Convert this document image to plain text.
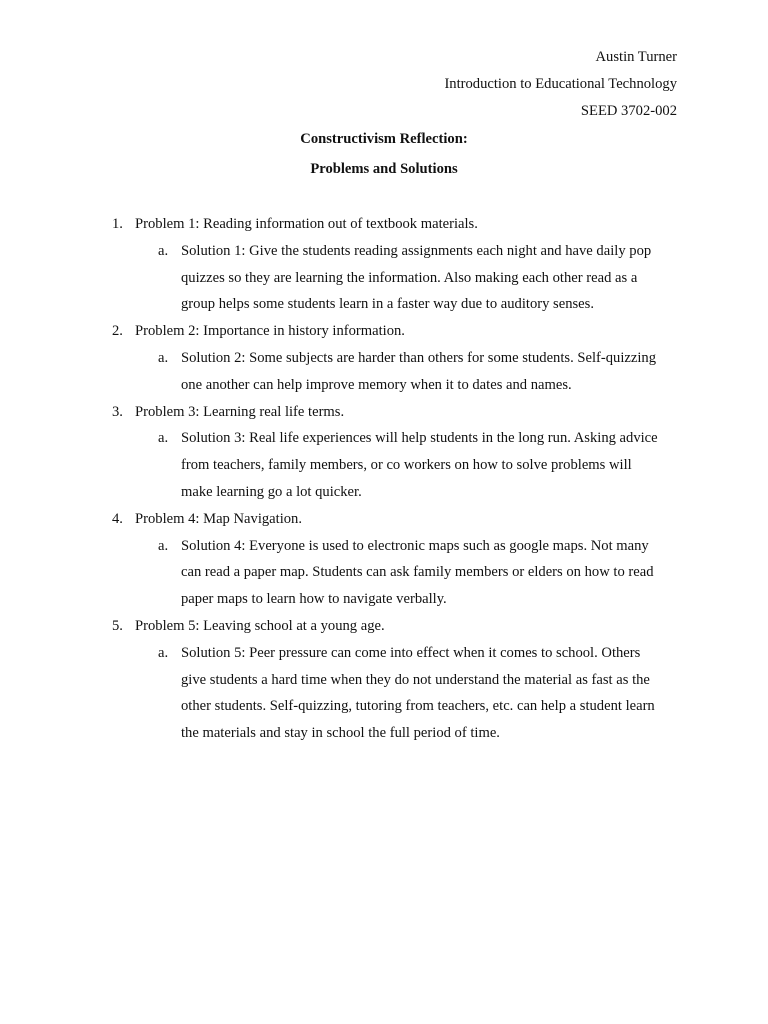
Austin Turner
Introduction to Educational Technology
SEED 3702-002
Constructivism Reflection:
Problems and Solutions
1. Problem 1: Reading information out of textbook materials.
a. Solution 1: Give the students reading assignments each night and have daily pop
quizzes so they are learning the information. Also making each other read as a
group helps some students learn in a faster way due to auditory senses.
2. Problem 2: Importance in history information.
a. Solution 2: Some subjects are harder than others for some students. Self-quizzing
one another can help improve memory when it to dates and names.
3. Problem 3: Learning real life terms.
a. Solution 3: Real life experiences will help students in the long run. Asking advice
from teachers, family members, or co workers on how to solve problems will
make learning go a lot quicker.
4. Problem 4: Map Navigation.
a. Solution 4: Everyone is used to electronic maps such as google maps. Not many
can read a paper map. Students can ask family members or elders on how to read
paper maps to learn how to navigate verbally.
5. Problem 5: Leaving school at a young age.
a. Solution 5: Peer pressure can come into effect when it comes to school. Others
give students a hard time when they do not understand the material as fast as the
other students. Self-quizzing, tutoring from teachers, etc. can help a student learn
the materials and stay in school the full period of time.
